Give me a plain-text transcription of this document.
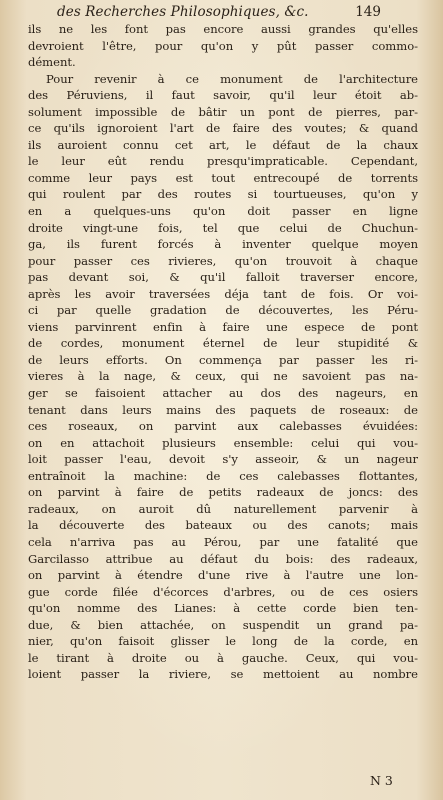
des Recherches Philosophiques, &c.	149
ils ne les font pas encore aussi grandes qu'elles
devroient l'être, pour qu'on y pût passer commo-
dément.
Pour revenir à ce monument de l'architecture
des Péruviens, il faut savoir, qu'il leur étoit ab-
solument impossible de bâtir un pont de pierres, par-
ce qu'ils ignoroient l'art de faire des voutes; & quand
ils auroient connu cet art, le défaut de la chaux
le leur eût rendu presqu'impraticable. Cependant,
comme leur pays est tout entrecoupé de torrents
qui roulent par des routes si tourtueuses, qu'on y
en a quelques-uns qu'on doit passer en ligne
droite vingt-une fois, tel que celui de Chuchun-
ga, ils furent forcés à inventer quelque moyen
pour passer ces rivieres, qu'on trouvoit à chaque
pas devant soi, & qu'il falloit traverser encore,
après les avoir traversées déja tant de fois. Or voi-
ci par quelle gradation de découvertes, les Péru-
viens parvinrent enfin à faire une espece de pont
de cordes, monument éternel de leur stupidité &
de leurs efforts. On commença par passer les ri-
vieres à la nage, & ceux, qui ne savoient pas na-
ger se faisoient attacher au dos des nageurs, en
tenant dans leurs mains des paquets de roseaux: de
ces roseaux, on parvint aux calebasses évuidées:
on en attachoit plusieurs ensemble: celui qui vou-
loit passer l'eau, devoit s'y asseoir, & un nageur
entraînoit la machine: de ces calebasses flottantes,
on parvint à faire de petits radeaux de joncs: des
radeaux, on auroit dû naturellement parvenir à
la découverte des bateaux ou des canots; mais
cela n'arriva pas au Pérou, par une fatalité que
Garcilasso attribue au défaut du bois: des radeaux,
on parvint à étendre d'une rive à l'autre une lon-
gue corde filée d'écorces d'arbres, ou de ces osiers
qu'on nomme des Lianes: à cette corde bien ten-
due, & bien attachée, on suspendit un grand pa-
nier, qu'on faisoit glisser le long de la corde, en
le tirant à droite ou à gauche. Ceux, qui vou-
loient passer la riviere, se mettoient au nombre
N 3
